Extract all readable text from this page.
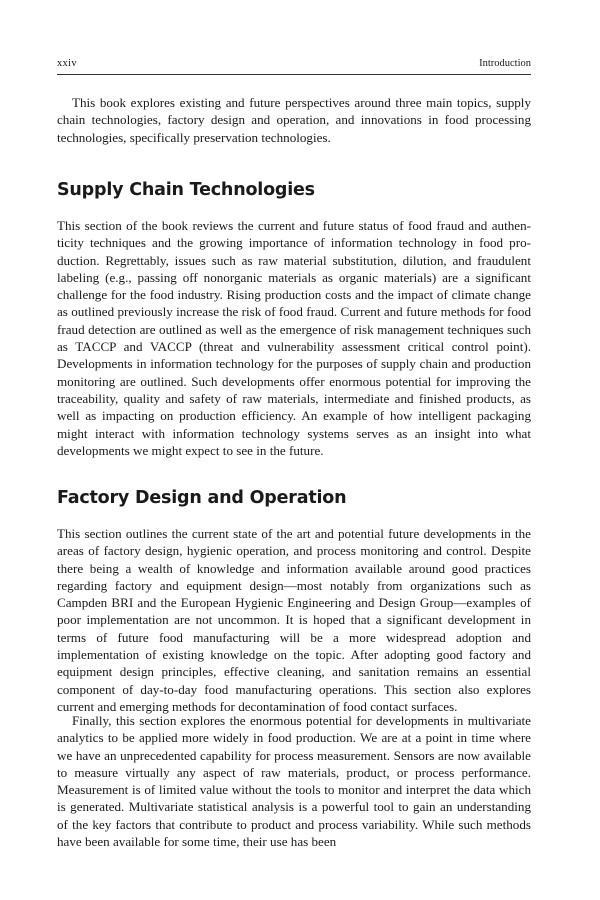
xxiv	Introduction

This book explores existing and future perspectives around three main topics, supply chain technologies, factory design and operation, and innovations in food processing technologies, specifically preservation technologies.

Supply Chain Technologies

This section of the book reviews the current and future status of food fraud and authenticity techniques and the growing importance of information technology in food production. Regrettably, issues such as raw material substitution, dilution, and fraudulent labeling (e.g., passing off nonorganic materials as organic materials) are a significant challenge for the food industry. Rising production costs and the impact of climate change as outlined previously increase the risk of food fraud. Current and future methods for food fraud detection are outlined as well as the emergence of risk management techniques such as TACCP and VACCP (threat and vulnerability assessment critical control point). Developments in information technology for the purposes of supply chain and production monitoring are outlined. Such developments offer enormous potential for improving the traceability, quality and safety of raw materials, intermediate and finished products, as well as impacting on production efficiency. An example of how intelligent packaging might interact with information technology systems serves as an insight into what developments we might expect to see in the future.

Factory Design and Operation

This section outlines the current state of the art and potential future developments in the areas of factory design, hygienic operation, and process monitoring and control. Despite there being a wealth of knowledge and information available around good practices regarding factory and equipment design—most notably from organizations such as Campden BRI and the European Hygienic Engineering and Design Group—examples of poor implementation are not uncommon. It is hoped that a significant development in terms of future food manufacturing will be a more widespread adoption and implementation of existing knowledge on the topic. After adopting good factory and equipment design principles, effective cleaning, and sanitation remains an essential component of day-to-day food manufacturing operations. This section also explores current and emerging methods for decontamination of food contact surfaces.

Finally, this section explores the enormous potential for developments in multivariate analytics to be applied more widely in food production. We are at a point in time where we have an unprecedented capability for process measurement. Sensors are now available to measure virtually any aspect of raw materials, product, or process performance. Measurement is of limited value without the tools to monitor and interpret the data which is generated. Multivariate statistical analysis is a powerful tool to gain an understanding of the key factors that contribute to product and process variability. While such methods have been available for some time, their use has been
